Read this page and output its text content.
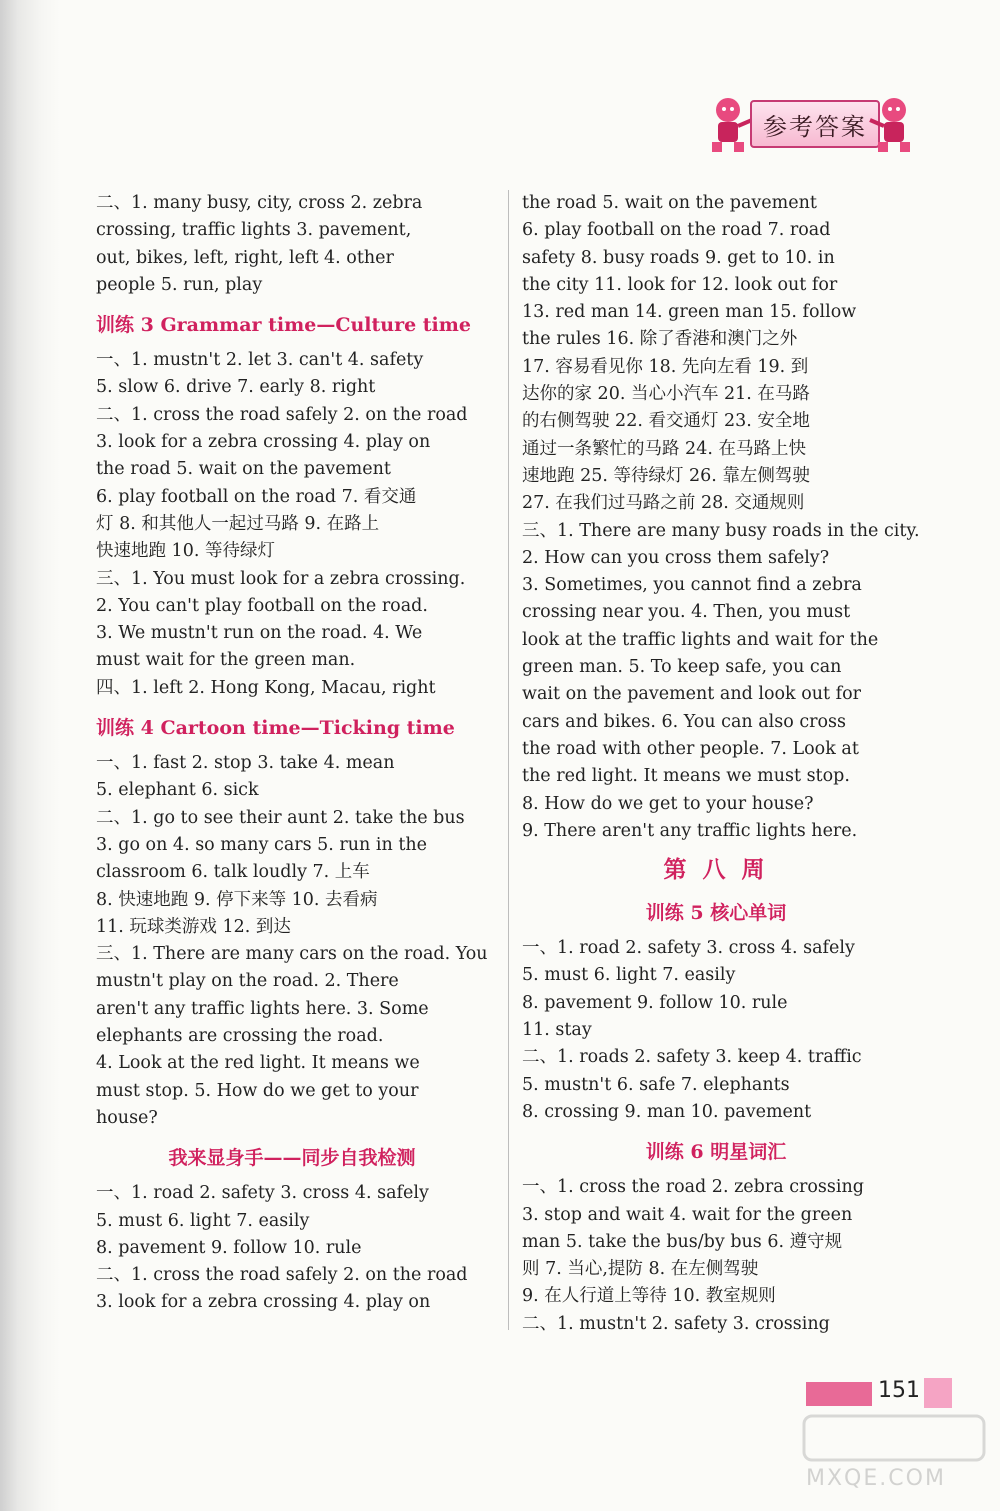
参考答案
二、1. many busy, city, cross 2. zebra
crossing, traffic lights 3. pavement,
out, bikes, left, right, left 4. other
people 5. run, play
训练 3 Grammar time—Culture time
一、1. mustn't 2. let 3. can't 4. safety
5. slow 6. drive 7. early 8. right
二、1. cross the road safely 2. on the road
3. look for a zebra crossing 4. play on
the road 5. wait on the pavement
6. play football on the road 7. 看交通
灯 8. 和其他人一起过马路 9. 在路上
快速地跑 10. 等待绿灯
三、1. You must look for a zebra crossing.
2. You can't play football on the road.
3. We mustn't run on the road. 4. We
must wait for the green man.
四、1. left 2. Hong Kong, Macau, right
训练 4 Cartoon time—Ticking time
一、1. fast 2. stop 3. take 4. mean
5. elephant 6. sick
二、1. go to see their aunt 2. take the bus
3. go on 4. so many cars 5. run in the
classroom 6. talk loudly 7. 上车
8. 快速地跑 9. 停下来等 10. 去看病
11. 玩球类游戏 12. 到达
三、1. There are many cars on the road. You
mustn't play on the road. 2. There
aren't any traffic lights here. 3. Some
elephants are crossing the road.
4. Look at the red light. It means we
must stop. 5. How do we get to your
house?
我来显身手——同步自我检测
一、1. road 2. safety 3. cross 4. safely
5. must 6. light 7. easily
8. pavement 9. follow 10. rule
二、1. cross the road safely 2. on the road
3. look for a zebra crossing 4. play on
the road 5. wait on the pavement
6. play football on the road 7. road
safety 8. busy roads 9. get to 10. in
the city 11. look for 12. look out for
13. red man 14. green man 15. follow
the rules 16. 除了香港和澳门之外
17. 容易看见你 18. 先向左看 19. 到
达你的家 20. 当心小汽车 21. 在马路
的右侧驾驶 22. 看交通灯 23. 安全地
通过一条繁忙的马路 24. 在马路上快
速地跑 25. 等待绿灯 26. 靠左侧驾驶
27. 在我们过马路之前 28. 交通规则
三、1. There are many busy roads in the city.
2. How can you cross them safely?
3. Sometimes, you cannot find a zebra
crossing near you. 4. Then, you must
look at the traffic lights and wait for the
green man. 5. To keep safe, you can
wait on the pavement and look out for
cars and bikes. 6. You can also cross
the road with other people. 7. Look at
the red light. It means we must stop.
8. How do we get to your house?
9. There aren't any traffic lights here.
第 八 周
训练 5 核心单词
一、1. road 2. safety 3. cross 4. safely
5. must 6. light 7. easily
8. pavement 9. follow 10. rule
11. stay
二、1. roads 2. safety 3. keep 4. traffic
5. mustn't 6. safe 7. elephants
8. crossing 9. man 10. pavement
训练 6 明星词汇
一、1. cross the road 2. zebra crossing
3. stop and wait 4. wait for the green
man 5. take the bus/by bus 6. 遵守规
则 7. 当心,提防 8. 在左侧驾驶
9. 在人行道上等待 10. 教室规则
二、1. mustn't 2. safety 3. crossing
151
MXQE.COM
